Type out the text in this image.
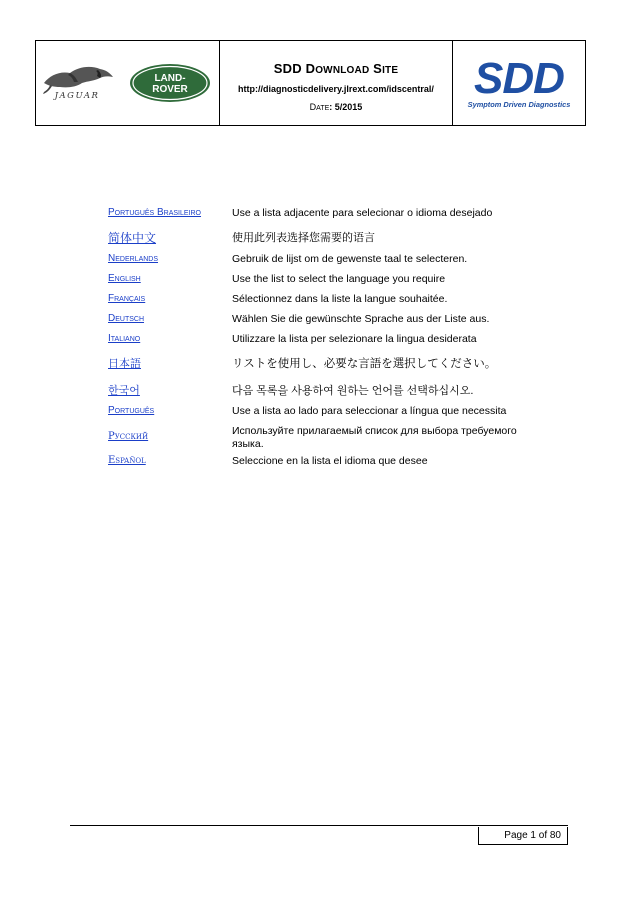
JAGUAR
LAND-
ROVER
SDD DOWNLOAD SITE
http://diagnosticdelivery.jlrext.com/idscentral/
DATE: 5/2015
SDD
Symptom Driven Diagnostics
Português Brasileiro	Use a lista adjacente para selecionar o idioma desejado
简体中文	使用此列表选择您需要的语言
Nederlands	Gebruik de lijst om de gewenste taal te selecteren.
English	Use the list to select the language you require
Français	Sélectionnez dans la liste la langue souhaitée.
Deutsch	Wählen Sie die gewünschte Sprache aus der Liste aus.
Italiano	Utilizzare la lista per selezionare la lingua desiderata
日本語	リストを使用し、必要な言語を選択してください。
한국어	다음 목록을 사용하여 원하는 언어를 선택하십시오.
Português	Use a lista ao lado para seleccionar a língua que necessita
Русский	Используйте прилагаемый список для выбора требуемого языка.
Español	Seleccione en la lista el idioma que desee
Page 1 of 80
